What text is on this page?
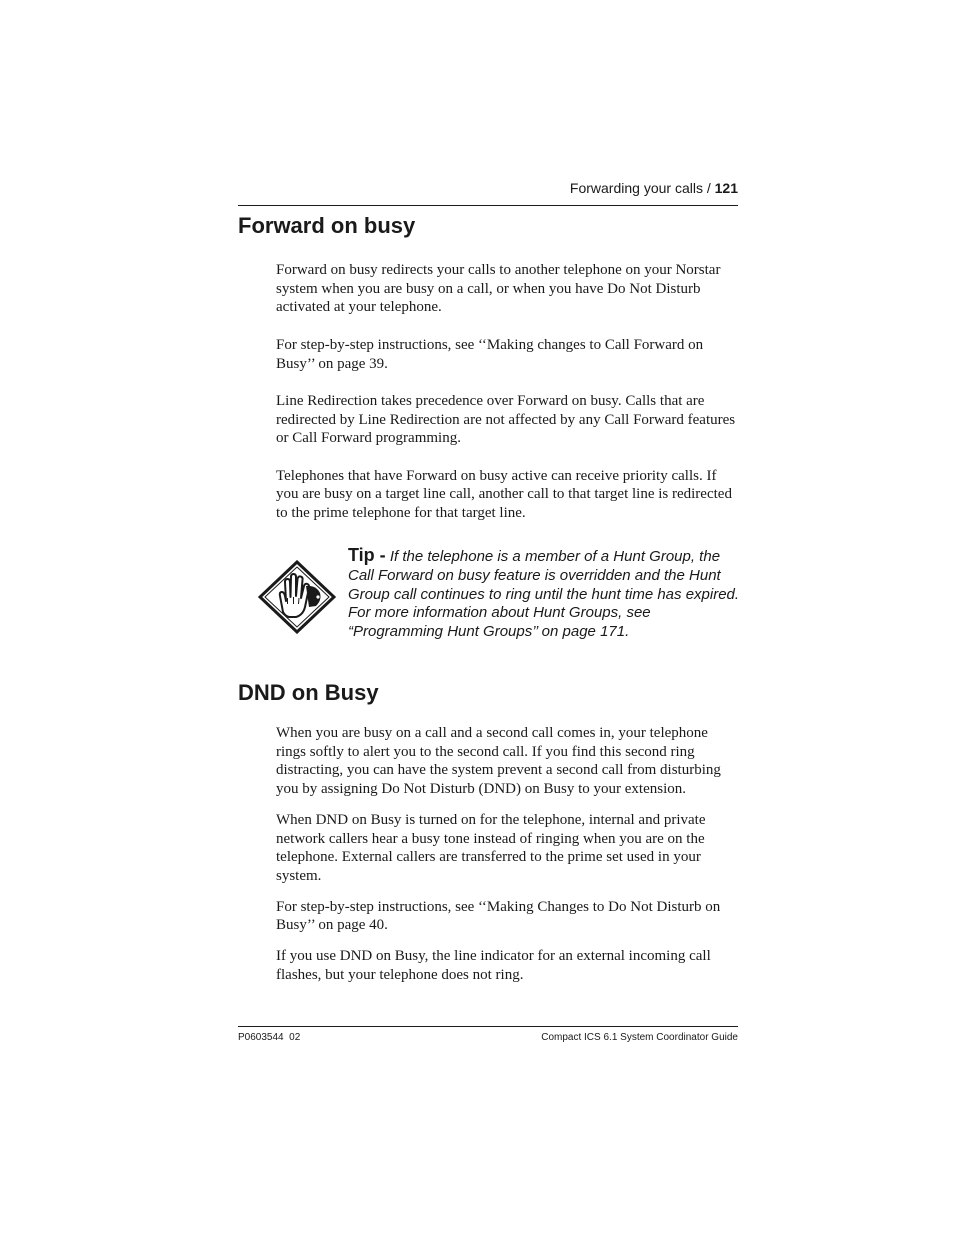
Forwarding your calls / 121
Forward on busy

Forward on busy redirects your calls to another telephone on your Norstar system when you are busy on a call, or when you have Do Not Disturb activated at your telephone.

For step-by-step instructions, see ‘‘Making changes to Call Forward on Busy’’ on page 39.

Line Redirection takes precedence over Forward on busy. Calls that are redirected by Line Redirection are not affected by any Call Forward features or Call Forward programming.

Telephones that have Forward on busy active can receive priority calls. If you are busy on a target line call, another call to that target line is redirected to the prime telephone for that target line.

Tip - If the telephone is a member of a Hunt Group, the Call Forward on busy feature is overridden and the Hunt Group call continues to ring until the hunt time has expired. For more information about Hunt Groups, see “Programming Hunt Groups’’ on page 171.
DND on Busy

When you are busy on a call and a second call comes in, your telephone rings softly to alert you to the second call. If you find this second ring distracting, you can have the system prevent a second call from disturbing you by assigning Do Not Disturb (DND) on Busy to your extension.

When DND on Busy is turned on for the telephone, internal and private network callers hear a busy tone instead of ringing when you are on the telephone. External callers are transferred to the prime set used in your system.

For step-by-step instructions, see ‘‘Making Changes to Do Not Disturb on Busy’’ on page 40.

If you use DND on Busy, the line indicator for an external incoming call flashes, but your telephone does not ring.

P0603544  02	Compact ICS 6.1 System Coordinator Guide
